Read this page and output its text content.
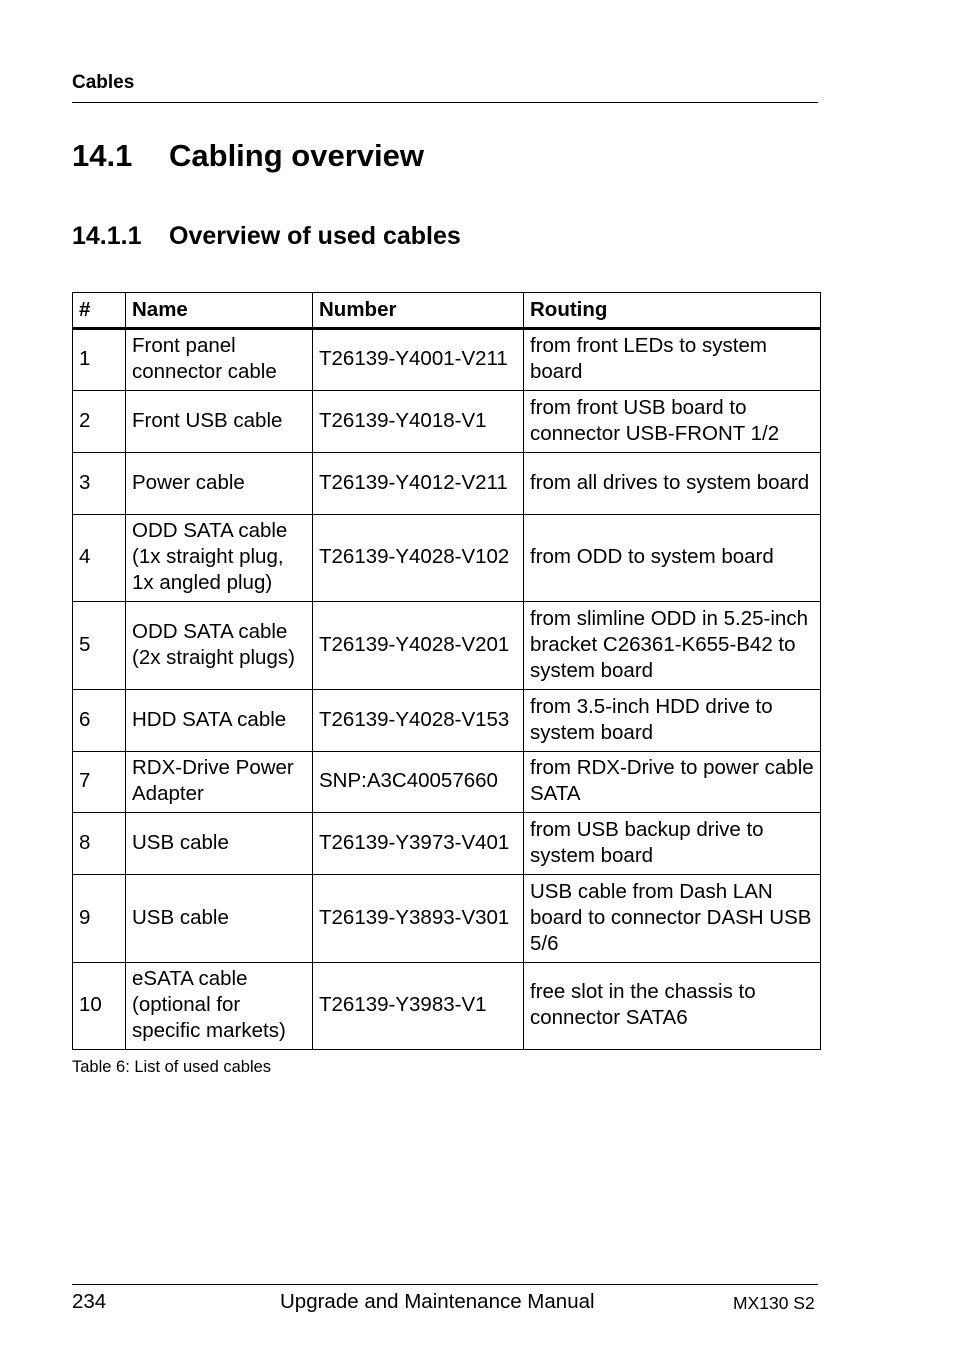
Cables
14.1 Cabling overview
14.1.1 Overview of used cables
#	Name	Number	Routing
1	Front panel connector cable	T26139-Y4001-V211	from front LEDs to system board
2	Front USB cable	T26139-Y4018-V1	from front USB board to connector USB-FRONT 1/2
3	Power cable	T26139-Y4012-V211	from all drives to system board
4	ODD SATA cable (1x straight plug, 1x angled plug)	T26139-Y4028-V102	from ODD to system board
5	ODD SATA cable (2x straight plugs)	T26139-Y4028-V201	from slimline ODD in 5.25-inch bracket C26361-K655-B42 to system board
6	HDD SATA cable	T26139-Y4028-V153	from 3.5-inch HDD drive to system board
7	RDX-Drive Power Adapter	SNP:A3C40057660	from RDX-Drive to power cable SATA
8	USB cable	T26139-Y3973-V401	from USB backup drive to system board
9	USB cable	T26139-Y3893-V301	USB cable from Dash LAN board to connector DASH USB 5/6
10	eSATA cable (optional for specific markets)	T26139-Y3983-V1	free slot in the chassis to connector SATA6
Table 6: List of used cables
234	Upgrade and Maintenance Manual	MX130 S2
